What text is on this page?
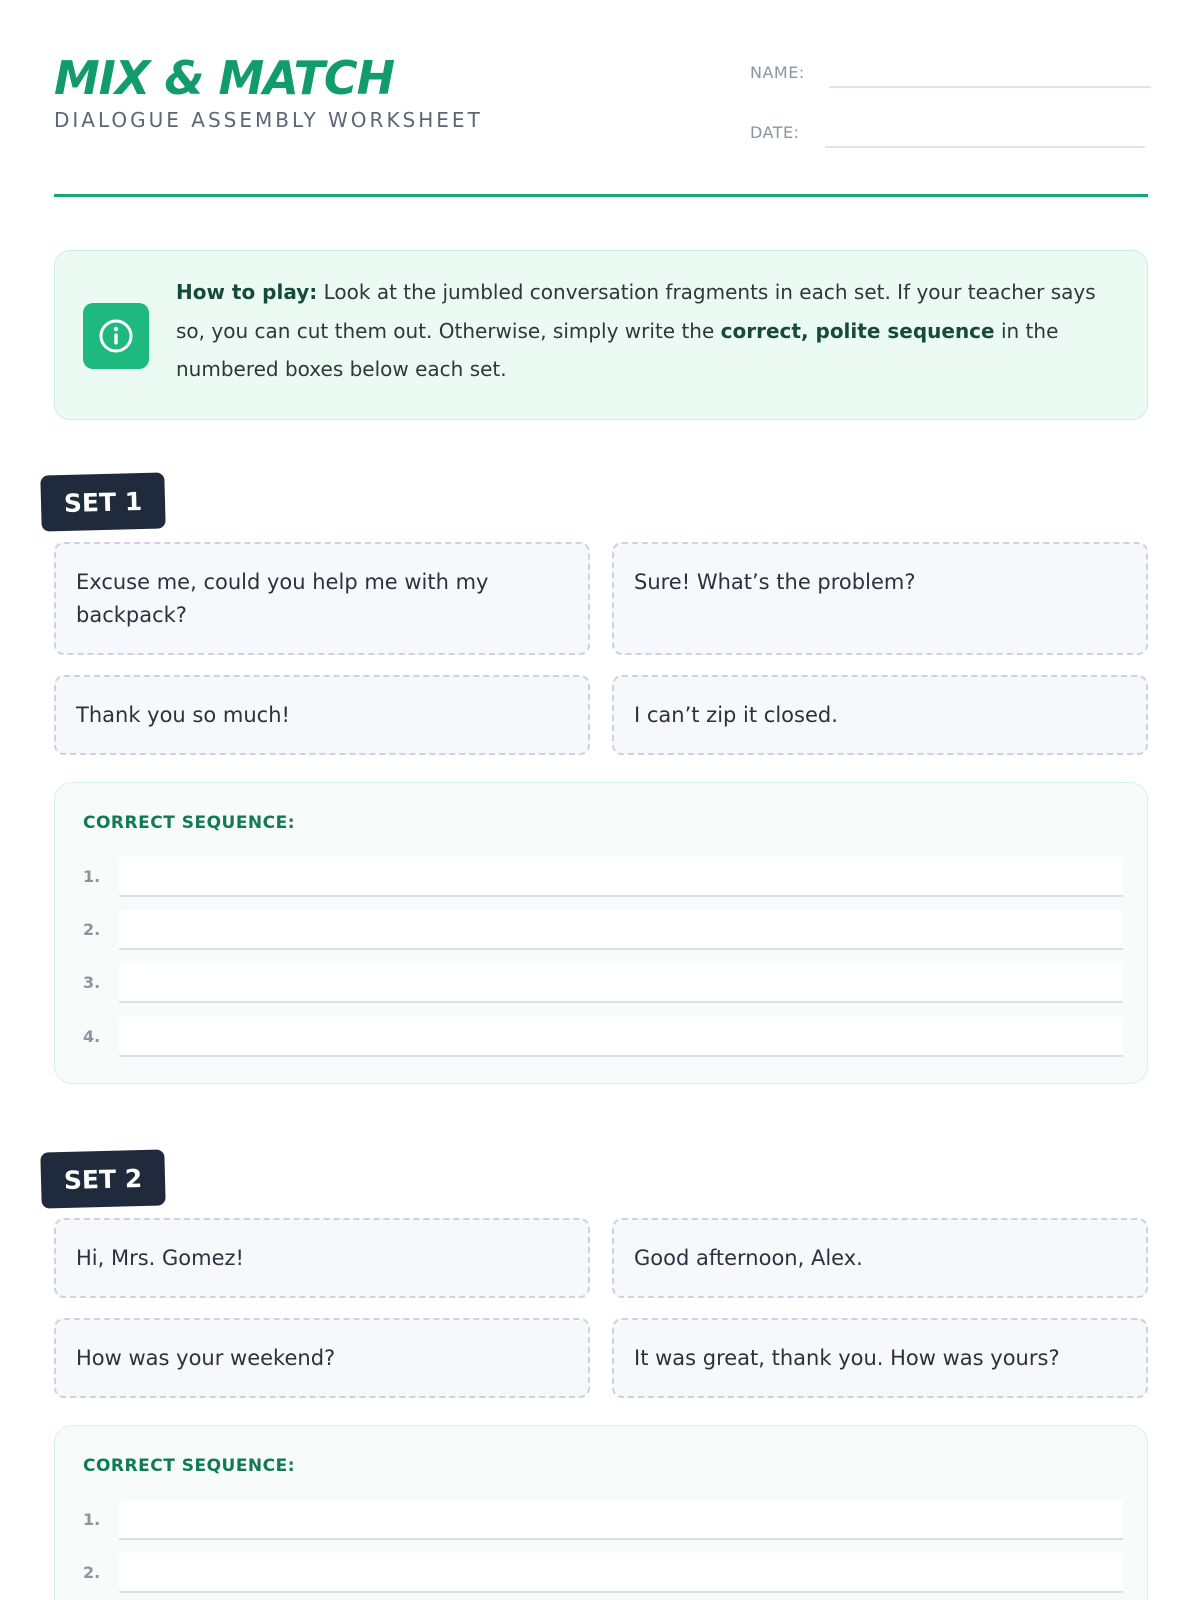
MIX & MATCH
DIALOGUE ASSEMBLY WORKSHEET
NAME:
DATE:
How to play: Look at the jumbled conversation fragments in each set. If your teacher says so, you can cut them out. Otherwise, simply write the correct, polite sequence in the numbered boxes below each set.
SET 1
Excuse me, could you help me with my backpack?
Sure! What’s the problem?
Thank you so much!	I can’t zip it closed.
CORRECT SEQUENCE:
1.
2.
3.
4.
SET 2
Hi, Mrs. Gomez!	Good afternoon, Alex.
How was your weekend?	It was great, thank you. How was yours?
CORRECT SEQUENCE:
1.
2.
